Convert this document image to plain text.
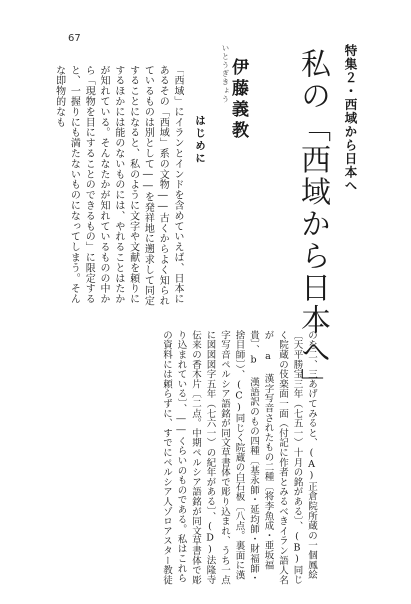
67
特集２・西域から日本へ
私の「西域から日本へ」
いとうぎきょう
伊藤義教
はじめに

「西域」にイランとインドを含めていえば、日本にあるその「西域」系の文物――古くからよく知られているものは別として――を発祥地に遡求して同定することになると、私のように文字や文献を頼りにするほかには能のないものには、やれることはたかが知れている。そんなたかが知れているものの中から「現物を目にすることのできるもの」に限定すると、一握りにも満たないものになってしまう。そんな即物的なも

のを二、三あげてみると、(A)正倉院所蔵の一個鳳絵〔天平勝宝三年（七五一）十月の銘がある〕、(B)同じく院蔵の伎楽面一面（付記に作者とみるべきイラン語人名が a 漢字写音されたもの二種〔将李魚成・亜坂福貴〕、b 漢語訳のもの四種〔基永師・延均師・財福師・捨目師〕）、(C)同じく院蔵の白石板〔八点。裏面に漢字写音ペルシア語銘が同文草書体で彫り込まれ、うち一点に図図図字五年（七六一）の紀年がある〕、(D)法隆寺伝来の香木片〔二点。中期ペルシア語銘が同文草書体で彫り込まれている〕、――くらいのものである。私はこれらの資料には頼らずに、すでにペルシア人ゾロアスター教徒
